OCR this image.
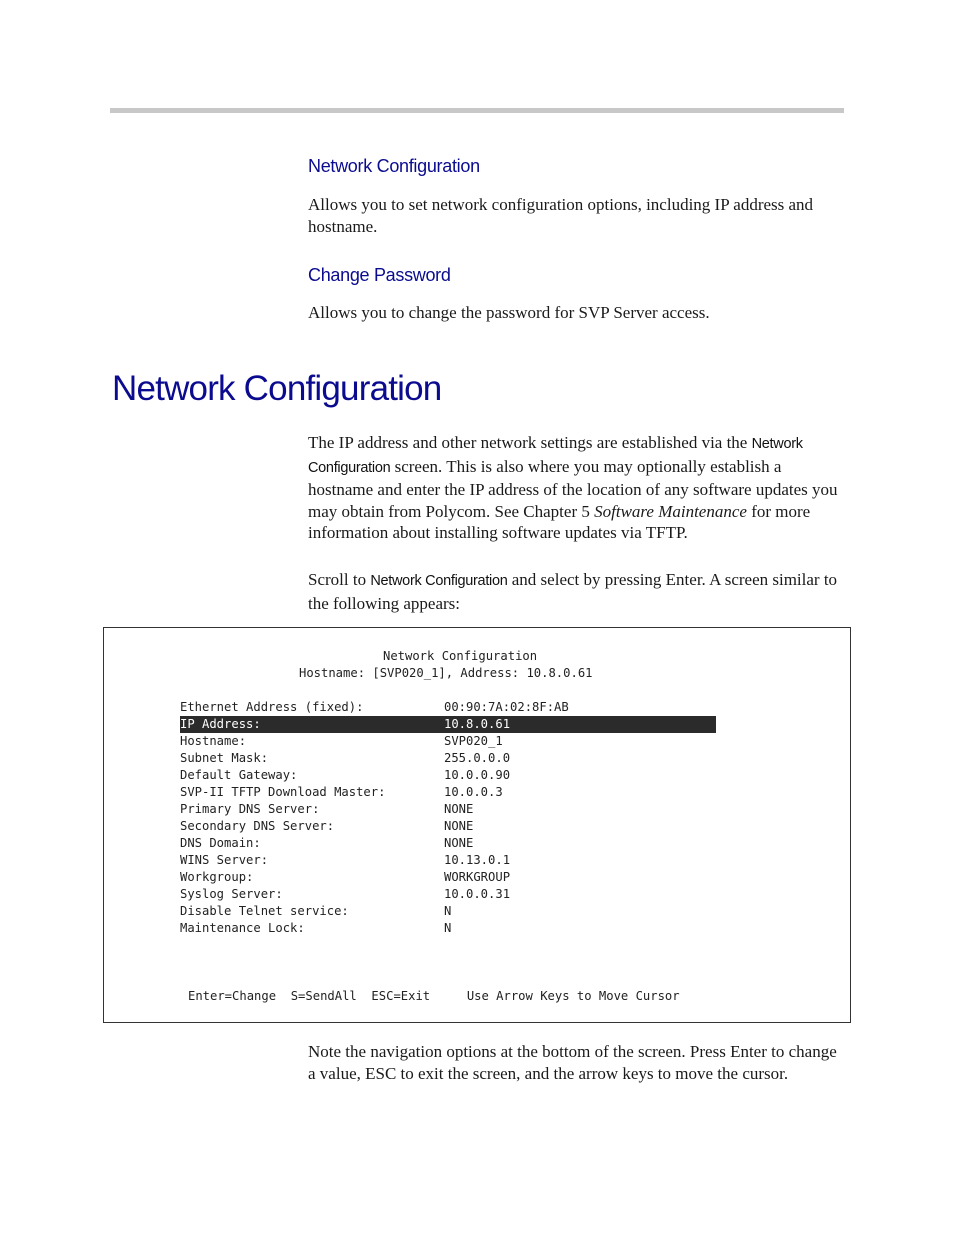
Network Configuration

Allows you to set network configuration options, including IP address and hostname.

Change Password

Allows you to change the password for SVP Server access.

Network Configuration

The IP address and other network settings are established via the Network Configuration screen. This is also where you may optionally establish a hostname and enter the IP address of the location of any software updates you may obtain from Polycom. See Chapter 5 Software Maintenance for more information about installing software updates via TFTP.

Scroll to Network Configuration and select by pressing Enter. A screen similar to the following appears:

Network Configuration
Hostname: [SVP020_1], Address: 10.8.0.61
Ethernet Address (fixed):	00:90:7A:02:8F:AB
IP Address:	10.8.0.61
Hostname:	SVP020_1
Subnet Mask:	255.0.0.0
Default Gateway:	10.0.0.90
SVP-II TFTP Download Master:	10.0.0.3
Primary DNS Server:	NONE
Secondary DNS Server:	NONE
DNS Domain:	NONE
WINS Server:	10.13.0.1
Workgroup:	WORKGROUP
Syslog Server:	10.0.0.31
Disable Telnet service:	N
Maintenance Lock:	N
Enter=Change  S=SendAll  ESC=Exit     Use Arrow Keys to Move Cursor

Note the navigation options at the bottom of the screen. Press Enter to change a value, ESC to exit the screen, and the arrow keys to move the cursor.
